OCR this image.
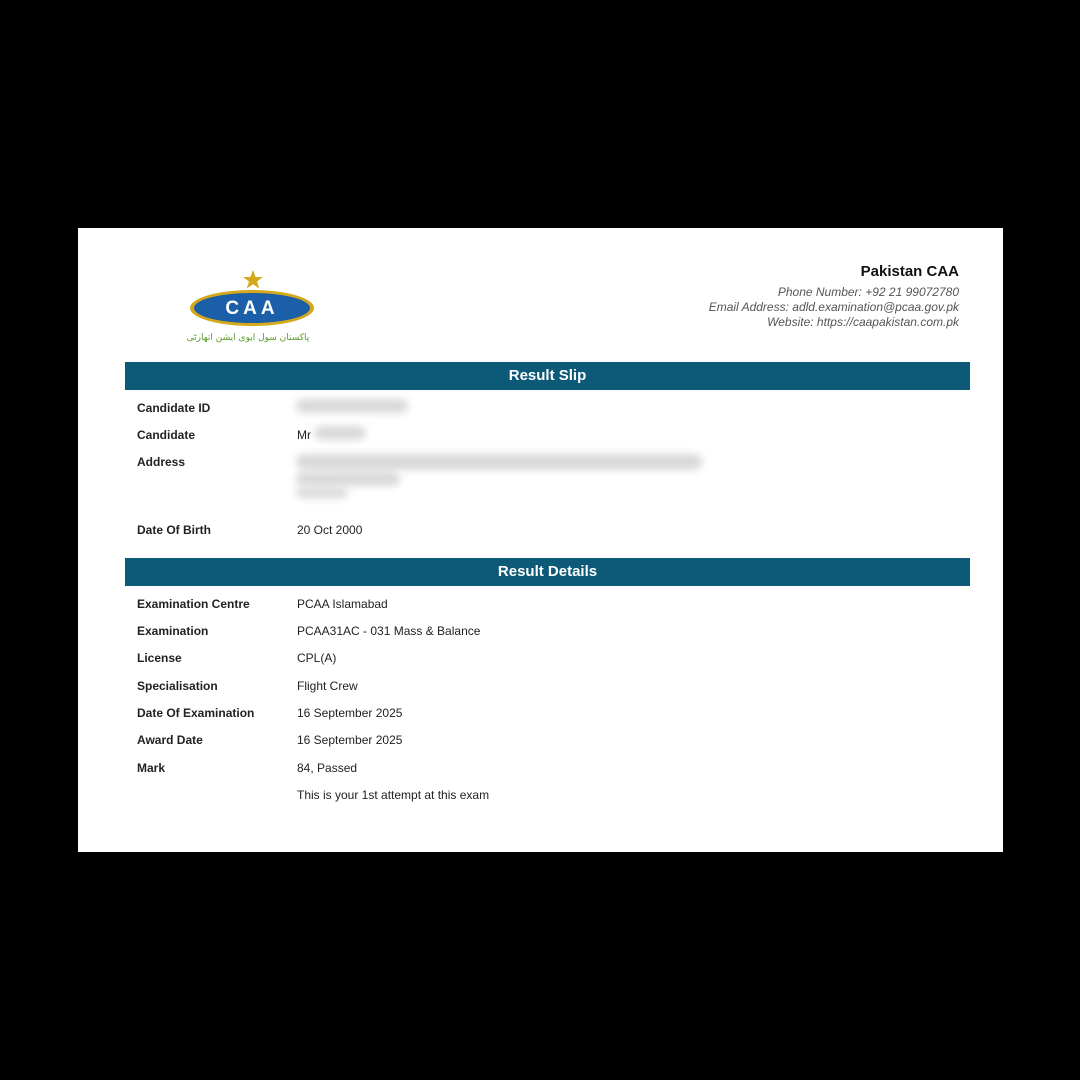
CAA
پاکستان سول ایوی ایشن اتھارٹی
Pakistan CAA
Phone Number: +92 21 99072780
Email Address: adld.examination@pcaa.gov.pk
Website: https://caapakistan.com.pk
Result Slip
Candidate ID
Candidate	Mr
Address
Date Of Birth	20 Oct 2000
Result Details
Examination Centre	PCAA Islamabad
Examination	PCAA31AC - 031 Mass & Balance
License	CPL(A)
Specialisation	Flight Crew
Date Of Examination	16 September 2025
Award Date	16 September 2025
Mark	84, Passed
This is your 1st attempt at this exam
